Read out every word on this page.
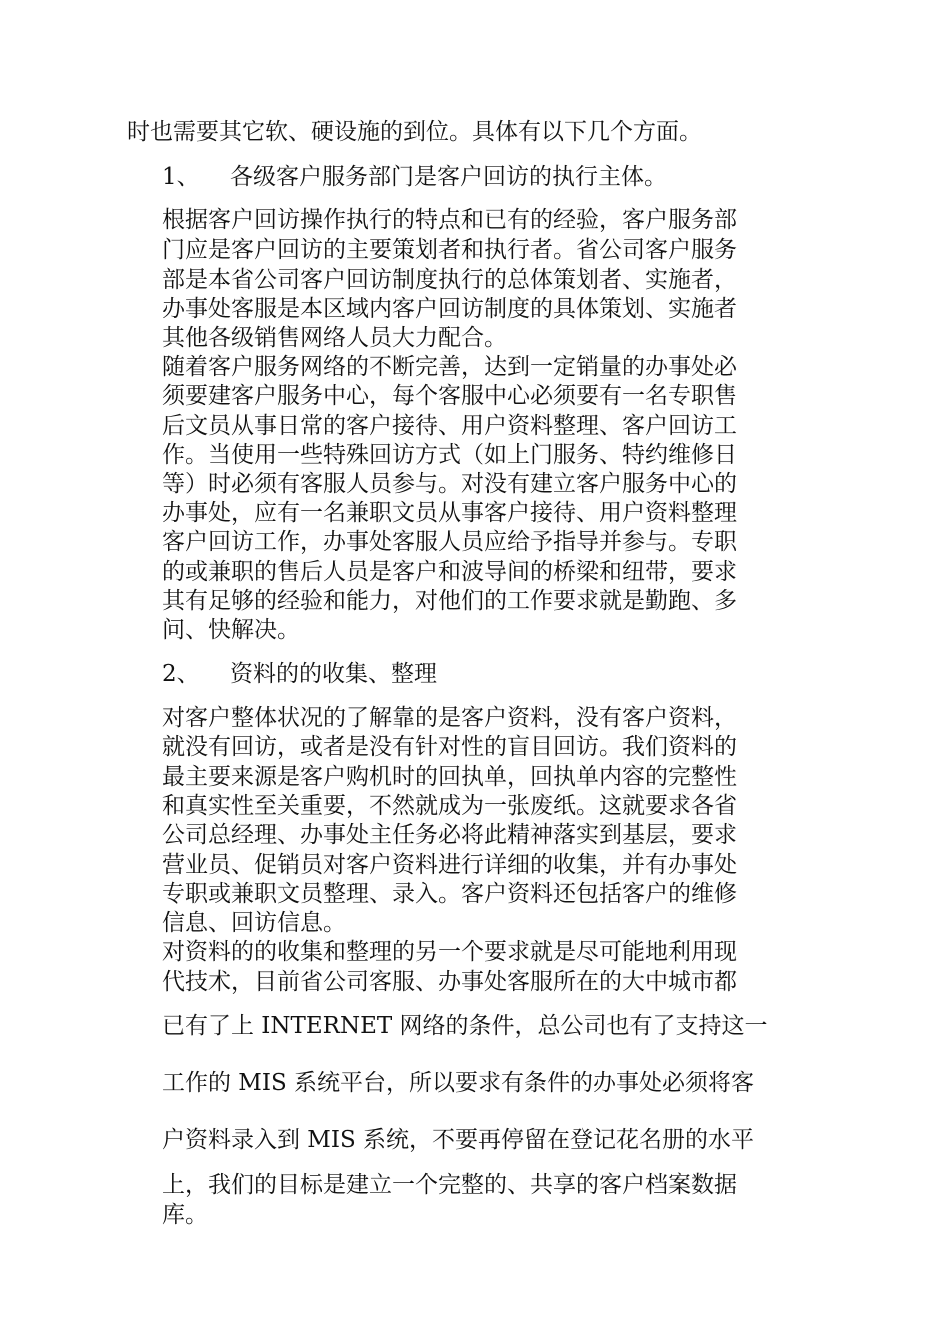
时也需要其它软、硬设施的到位。具体有以下几个方面。
1、 各级客户服务部门是客户回访的执行主体。
根据客户回访操作执行的特点和已有的经验，客户服务部
门应是客户回访的主要策划者和执行者。省公司客户服务
部是本省公司客户回访制度执行的总体策划者、实施者，
办事处客服是本区域内客户回访制度的具体策划、实施者
其他各级销售网络人员大力配合。
随着客户服务网络的不断完善，达到一定销量的办事处必
须要建客户服务中心，每个客服中心必须要有一名专职售
后文员从事日常的客户接待、用户资料整理、客户回访工
作。当使用一些特殊回访方式（如上门服务、特约维修日
等）时必须有客服人员参与。对没有建立客户服务中心的
办事处，应有一名兼职文员从事客户接待、用户资料整理
客户回访工作，办事处客服人员应给予指导并参与。专职
的或兼职的售后人员是客户和波导间的桥梁和纽带，要求
其有足够的经验和能力，对他们的工作要求就是勤跑、多
问、快解决。
2、 资料的的收集、整理
对客户整体状况的了解靠的是客户资料，没有客户资料，
就没有回访，或者是没有针对性的盲目回访。我们资料的
最主要来源是客户购机时的回执单，回执单内容的完整性
和真实性至关重要，不然就成为一张废纸。这就要求各省
公司总经理、办事处主任务必将此精神落实到基层，要求
营业员、促销员对客户资料进行详细的收集，并有办事处
专职或兼职文员整理、录入。客户资料还包括客户的维修
信息、回访信息。
对资料的的收集和整理的另一个要求就是尽可能地利用现
代技术，目前省公司客服、办事处客服所在的大中城市都
已有了上 INTERNET 网络的条件，总公司也有了支持这一
工作的 MIS 系统平台，所以要求有条件的办事处必须将客
户资料录入到 MIS 系统，不要再停留在登记花名册的水平
上，我们的目标是建立一个完整的、共享的客户档案数据
库。
